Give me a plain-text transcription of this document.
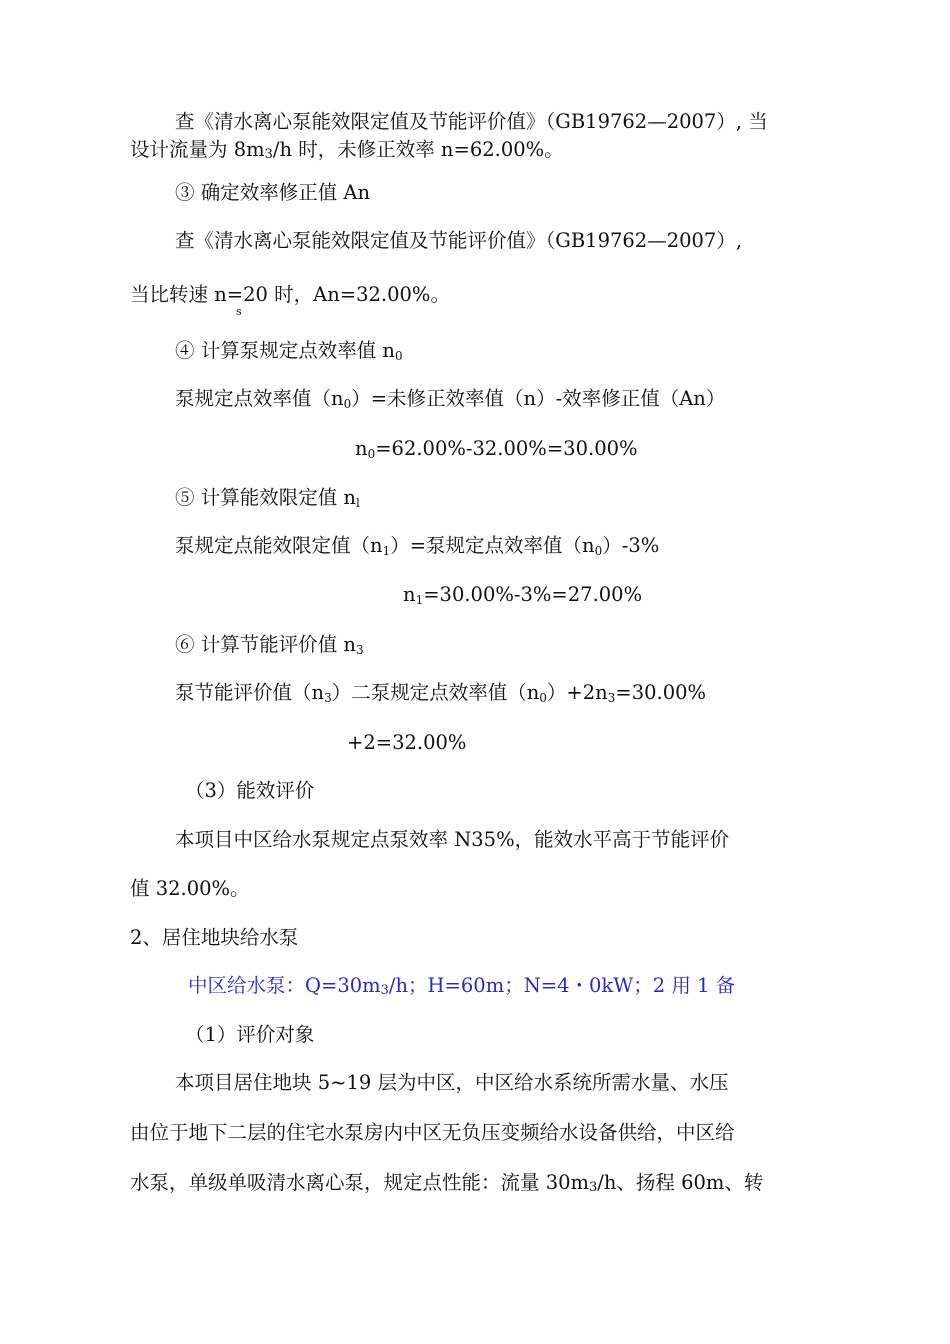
查《清水离心泵能效限定值及节能评价值》（GB19762—2007）, 当
设计流量为 8m3/h 时，未修正效率 n=62.00%。
③ 确定效率修正值 An
查《清水离心泵能效限定值及节能评价值》（GB19762—2007）,
当比转速 n=20 时，An=32.00%。
s
④ 计算泵规定点效率值 $n_0$
泵规定点效率值$(n_0)=$未修正效率值（n）-效率修正值（An）
$n_0=62.00\%-32.00\%=30.00\%$
⑤ 计算能效限定值 $n_l$
泵规定点能效限定值$(n_1)=$泵规定点效率值$(n_0)-3\%$
$n_1=30.00\%-3\%=27.00\%$
⑥ 计算节能评价值 $n_3$
泵节能评价值$(n_3)$二泵规定点效率值$(n_0)+2n_3=30.00\%$
+2=32.00%
（3）能效评价
本项目中区给水泵规定点泵效率 N35%，能效水平高于节能评价
值 32.00%。
2、居住地块给水泵
中区给水泵：Q=30m3/h；H=60m；N=4・0kW；2 用 1 备
（1）评价对象
本项目居住地块 5~19 层为中区，中区给水系统所需水量、水压
由位于地下二层的住宅水泵房内中区无负压变频给水设备供给，中区给
水泵，单级单吸清水离心泵，规定点性能：流量 30m3/h、扬程 60m、转
